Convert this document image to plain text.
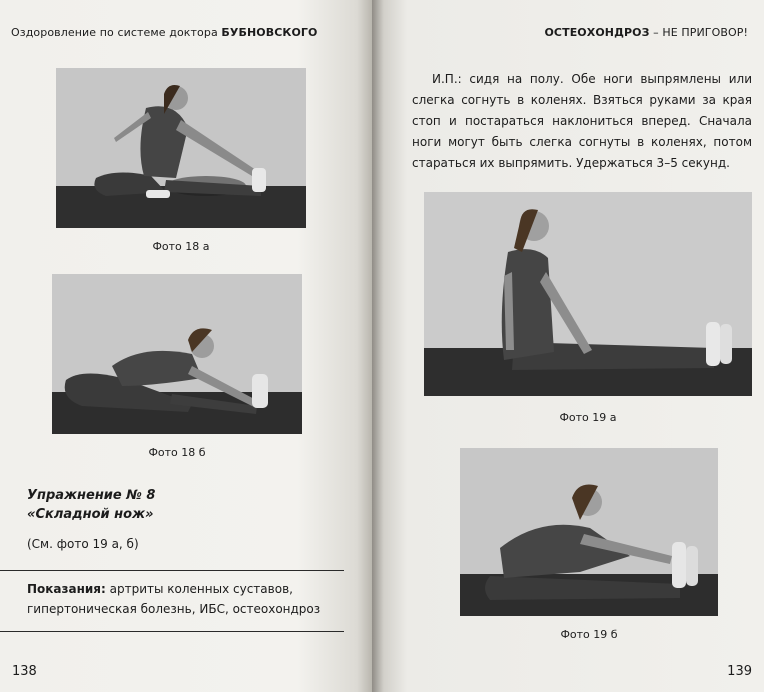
Оздоровление по системе доктора БУБНОВСКОГО
Фото 18 а
Фото 18 б
Упражнение № 8
«Складной нож»
(См. фото 19 а, б)
Показания: артриты коленных суставов, гипертоническая болезнь, ИБС, остеохондроз
138
ОСТЕОХОНДРОЗ – НЕ ПРИГОВОР!
И.П.: сидя на полу. Обе ноги выпрямлены или слегка согнуть в коленях. Взяться руками за края стоп и постараться наклониться вперед. Сначала ноги могут быть слегка согнуты в коленях, потом стараться их выпрямить. Удержаться 3–5 секунд.
Фото 19 а
Фото 19 б
139
